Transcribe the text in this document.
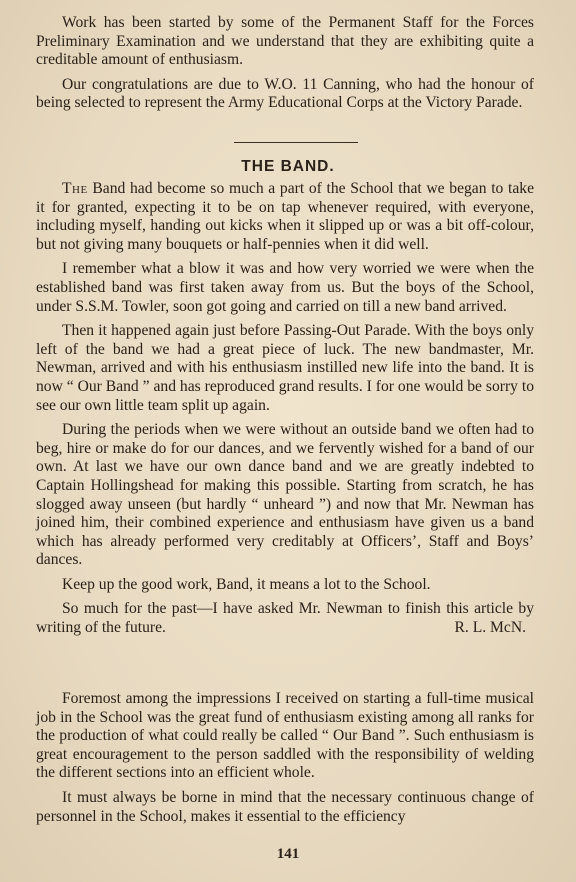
Work has been started by some of the Permanent Staff for the Forces Preliminary Examination and we understand that they are exhibiting quite a creditable amount of enthusiasm.

Our congratulations are due to W.O. 11 Canning, who had the honour of being selected to represent the Army Educational Corps at the Victory Parade.

THE BAND.

The Band had become so much a part of the School that we began to take it for granted, expecting it to be on tap whenever required, with everyone, including myself, handing out kicks when it slipped up or was a bit off-colour, but not giving many bouquets or half-pennies when it did well.

I remember what a blow it was and how very worried we were when the established band was first taken away from us. But the boys of the School, under S.S.M. Towler, soon got going and carried on till a new band arrived.

Then it happened again just before Passing-Out Parade. With the boys only left of the band we had a great piece of luck. The new bandmaster, Mr. Newman, arrived and with his enthusiasm instilled new life into the band. It is now “ Our Band ” and has reproduced grand results. I for one would be sorry to see our own little team split up again.

During the periods when we were without an outside band we often had to beg, hire or make do for our dances, and we fervently wished for a band of our own. At last we have our own dance band and we are greatly indebted to Captain Hollingshead for making this possible. Starting from scratch, he has slogged away unseen (but hardly “ unheard ”) and now that Mr. Newman has joined him, their combined experience and enthusiasm have given us a band which has already performed very creditably at Officers’, Staff and Boys’ dances.

Keep up the good work, Band, it means a lot to the School.

So much for the past—I have asked Mr. Newman to finish this article by writing of the future.	R. L. McN.

Foremost among the impressions I received on starting a full-time musical job in the School was the great fund of enthusiasm existing among all ranks for the production of what could really be called “ Our Band ”. Such enthusiasm is great encouragement to the person saddled with the responsibility of welding the different sections into an efficient whole.

It must always be borne in mind that the necessary continuous change of personnel in the School, makes it essential to the efficiency

141
